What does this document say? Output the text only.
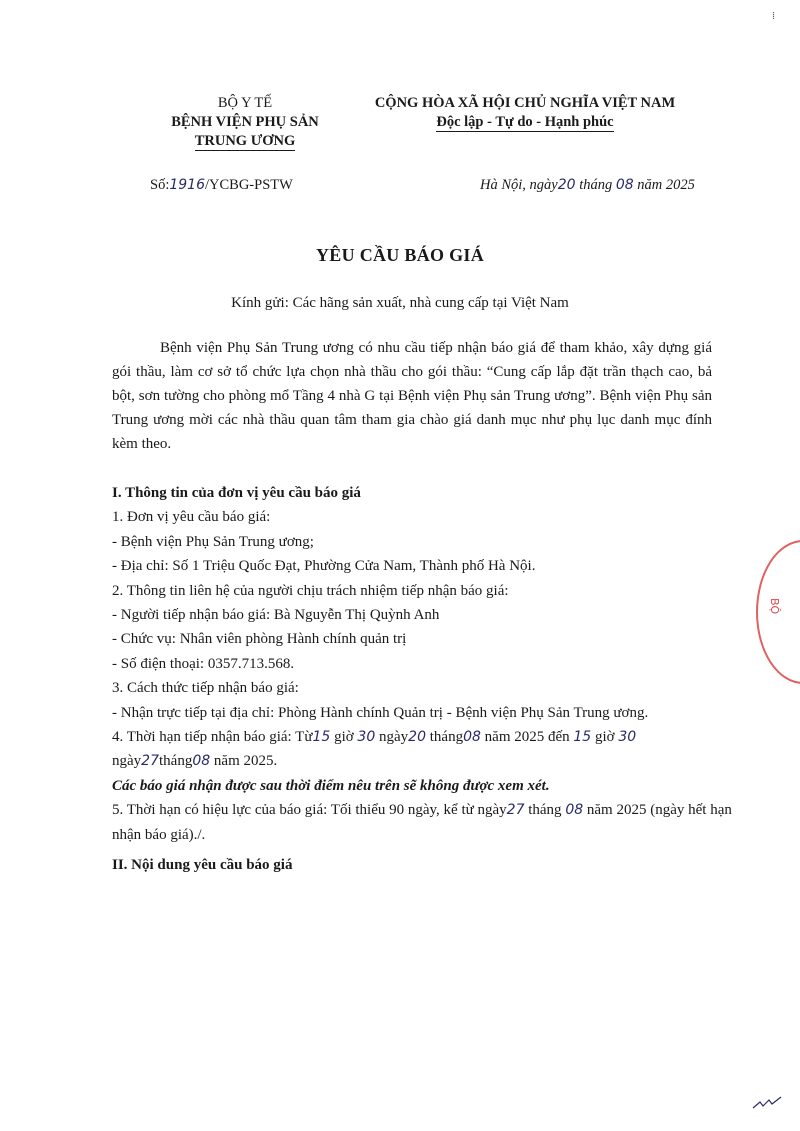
⁞
BỘ Y TẾ
BỆNH VIỆN PHỤ SẢN
TRUNG ƯƠNG
CỘNG HÒA XÃ HỘI CHỦ NGHĨA VIỆT NAM
Độc lập - Tự do - Hạnh phúc
Số:1916/YCBG-PSTW	Hà Nội, ngày20 tháng 08 năm 2025
YÊU CẦU BÁO GIÁ
Kính gửi: Các hãng sản xuất, nhà cung cấp tại Việt Nam

Bệnh viện Phụ Sản Trung ương có nhu cầu tiếp nhận báo giá để tham khảo, xây dựng giá gói thầu, làm cơ sở tổ chức lựa chọn nhà thầu cho gói thầu: “Cung cấp lắp đặt trần thạch cao, bả bột, sơn tường cho phòng mổ Tầng 4 nhà G tại Bệnh viện Phụ sản Trung ương”. Bệnh viện Phụ sản Trung ương mời các nhà thầu quan tâm tham gia chào giá danh mục như phụ lục danh mục đính kèm theo.

I. Thông tin của đơn vị yêu cầu báo giá
1. Đơn vị yêu cầu báo giá:
- Bệnh viện Phụ Sản Trung ương;
- Địa chỉ: Số 1 Triệu Quốc Đạt, Phường Cửa Nam, Thành phố Hà Nội.
2. Thông tin liên hệ của người chịu trách nhiệm tiếp nhận báo giá:
- Người tiếp nhận báo giá: Bà Nguyễn Thị Quỳnh Anh
- Chức vụ: Nhân viên phòng Hành chính quản trị
- Số điện thoại: 0357.713.568.
3. Cách thức tiếp nhận báo giá:
- Nhận trực tiếp tại địa chỉ: Phòng Hành chính Quản trị - Bệnh viện Phụ Sản Trung ương.
4. Thời hạn tiếp nhận báo giá: Từ15 giờ 30 ngày20 tháng08 năm 2025 đến 15 giờ 30
ngày27tháng08 năm 2025.
Các báo giá nhận được sau thời điểm nêu trên sẽ không được xem xét.
5. Thời hạn có hiệu lực của báo giá: Tối thiểu 90 ngày, kể từ ngày27 tháng 08 năm 2025 (ngày hết hạn nhận báo giá)./.
II. Nội dung yêu cầu báo giá
BỘ
